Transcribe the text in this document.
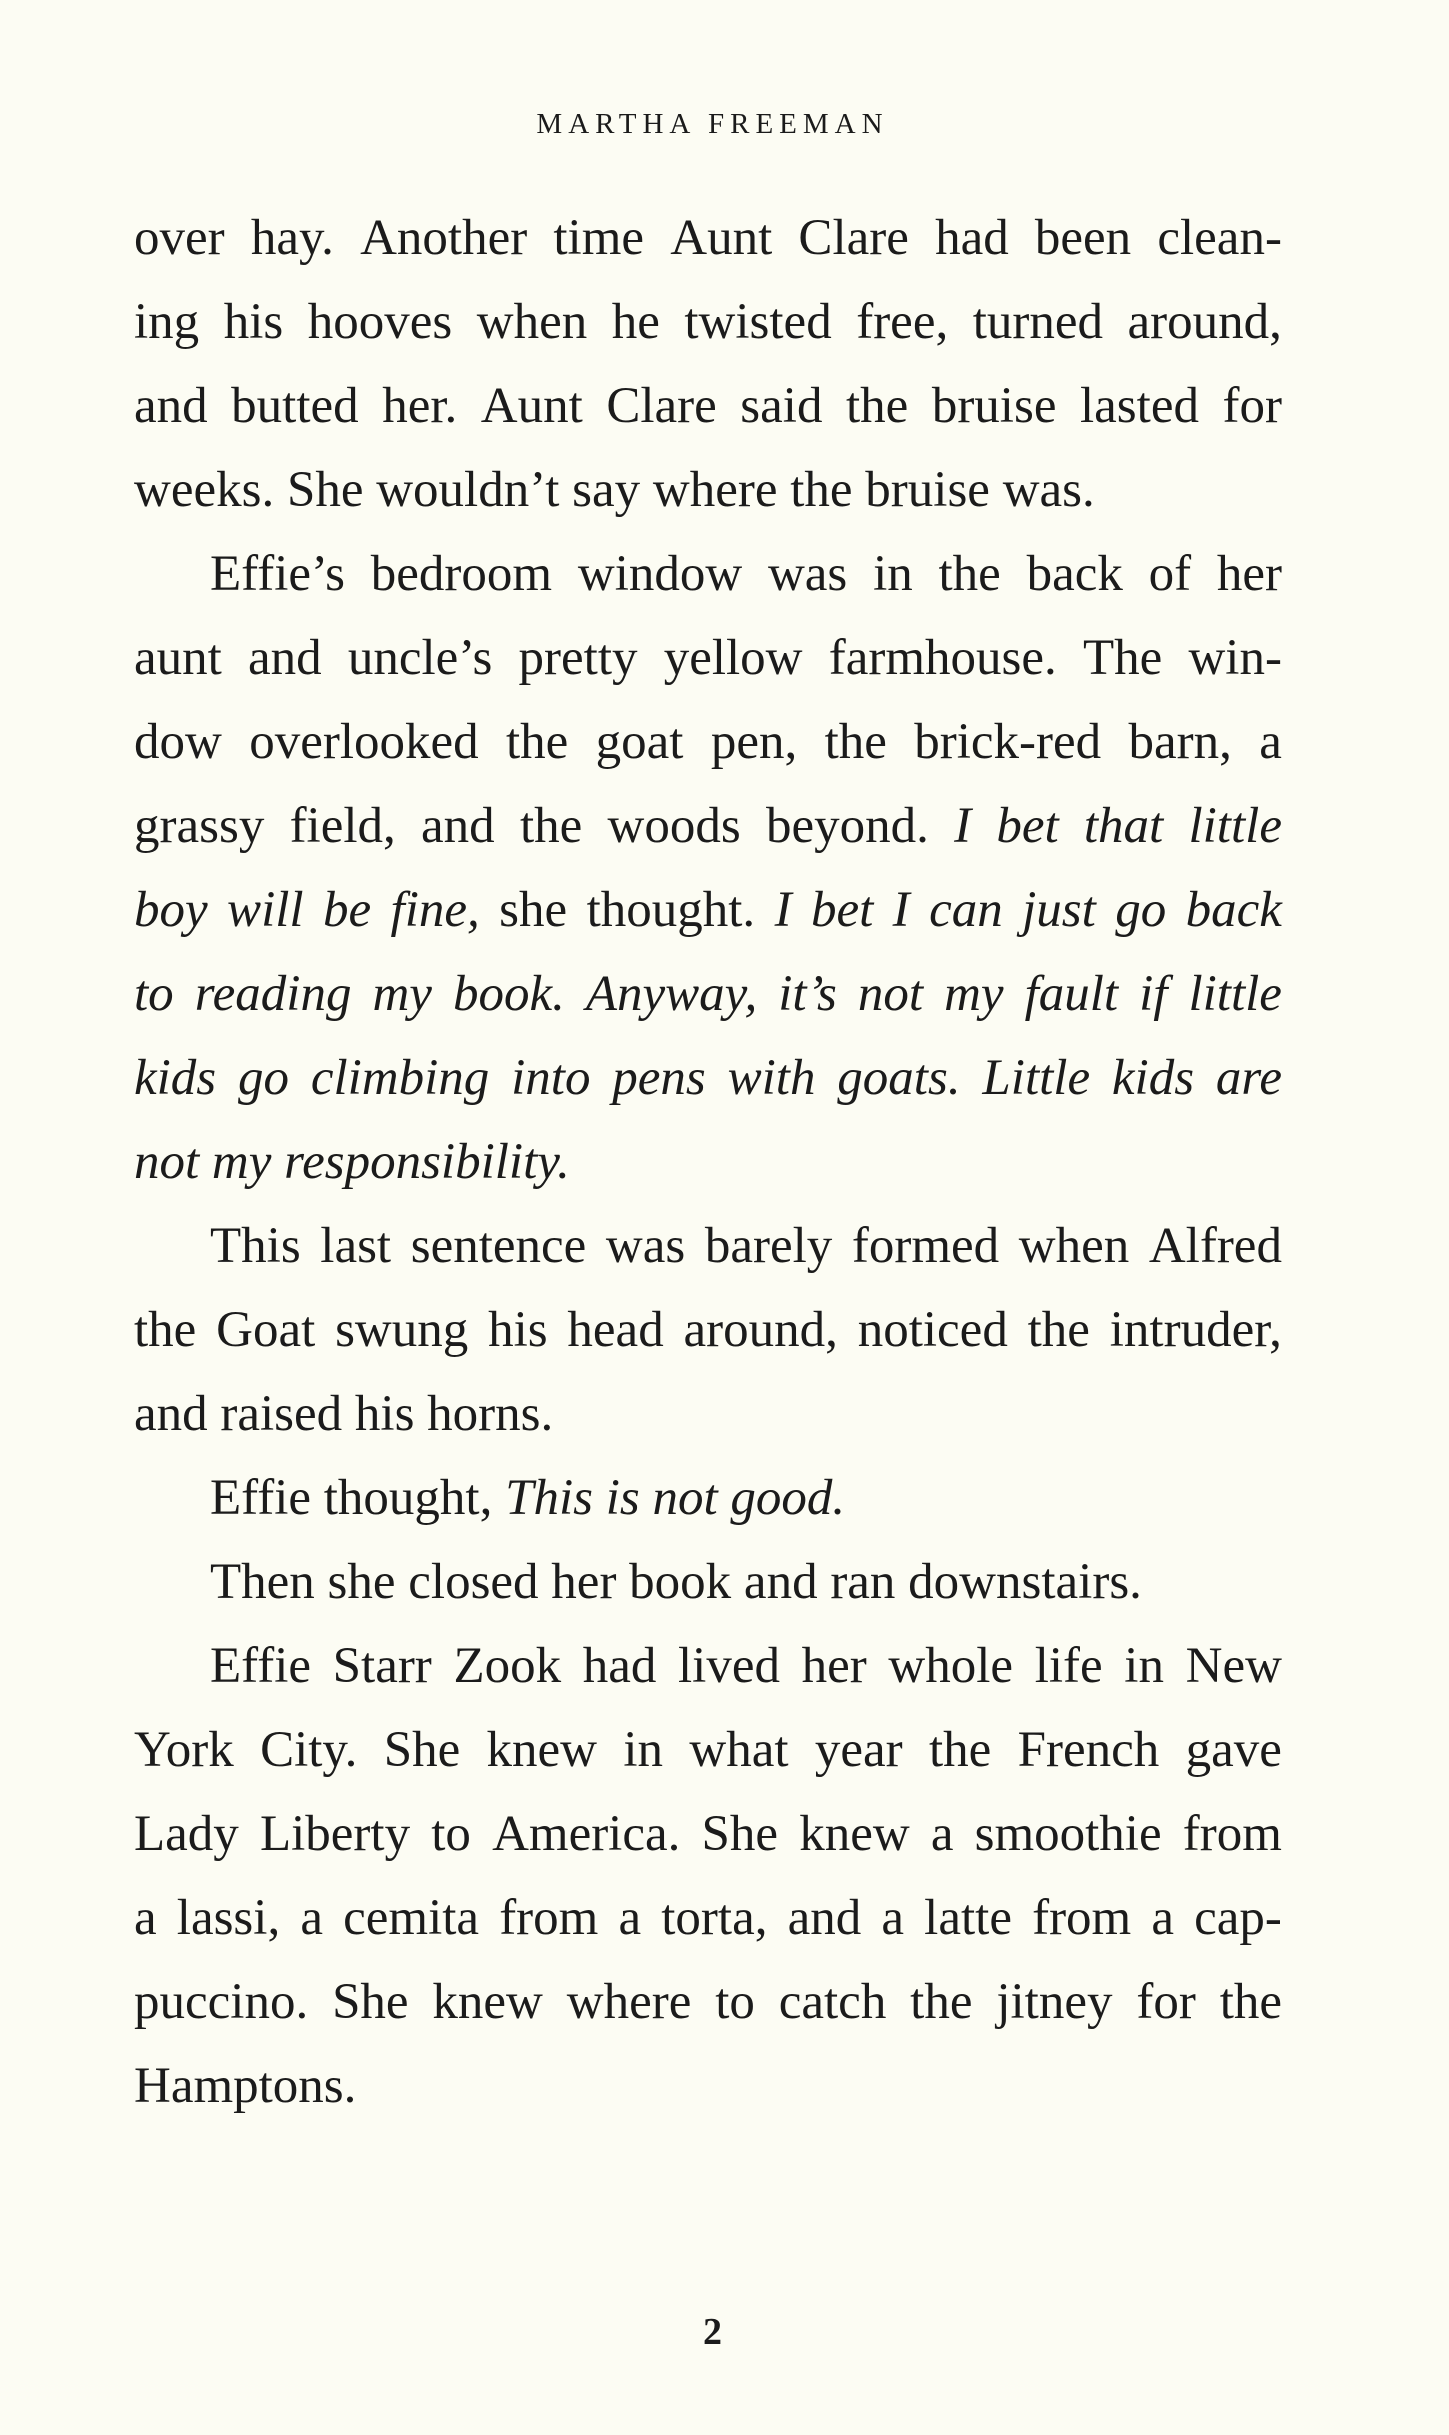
MARTHA FREEMAN
over hay. Another time Aunt Clare had been clean-
ing his hooves when he twisted free, turned around,
and butted her. Aunt Clare said the bruise lasted for
weeks. She wouldn’t say where the bruise was.
Effie’s bedroom window was in the back of her
aunt and uncle’s pretty yellow farmhouse. The win-
dow overlooked the goat pen, the brick-red barn, a
grassy field, and the woods beyond. I bet that little
boy will be fine, she thought. I bet I can just go back
to reading my book. Anyway, it’s not my fault if little
kids go climbing into pens with goats. Little kids are
not my responsibility.
This last sentence was barely formed when Alfred
the Goat swung his head around, noticed the intruder,
and raised his horns.
Effie thought, This is not good.
Then she closed her book and ran downstairs.
Effie Starr Zook had lived her whole life in New
York City. She knew in what year the French gave
Lady Liberty to America. She knew a smoothie from
a lassi, a cemita from a torta, and a latte from a cap-
puccino. She knew where to catch the jitney for the
Hamptons.
2
